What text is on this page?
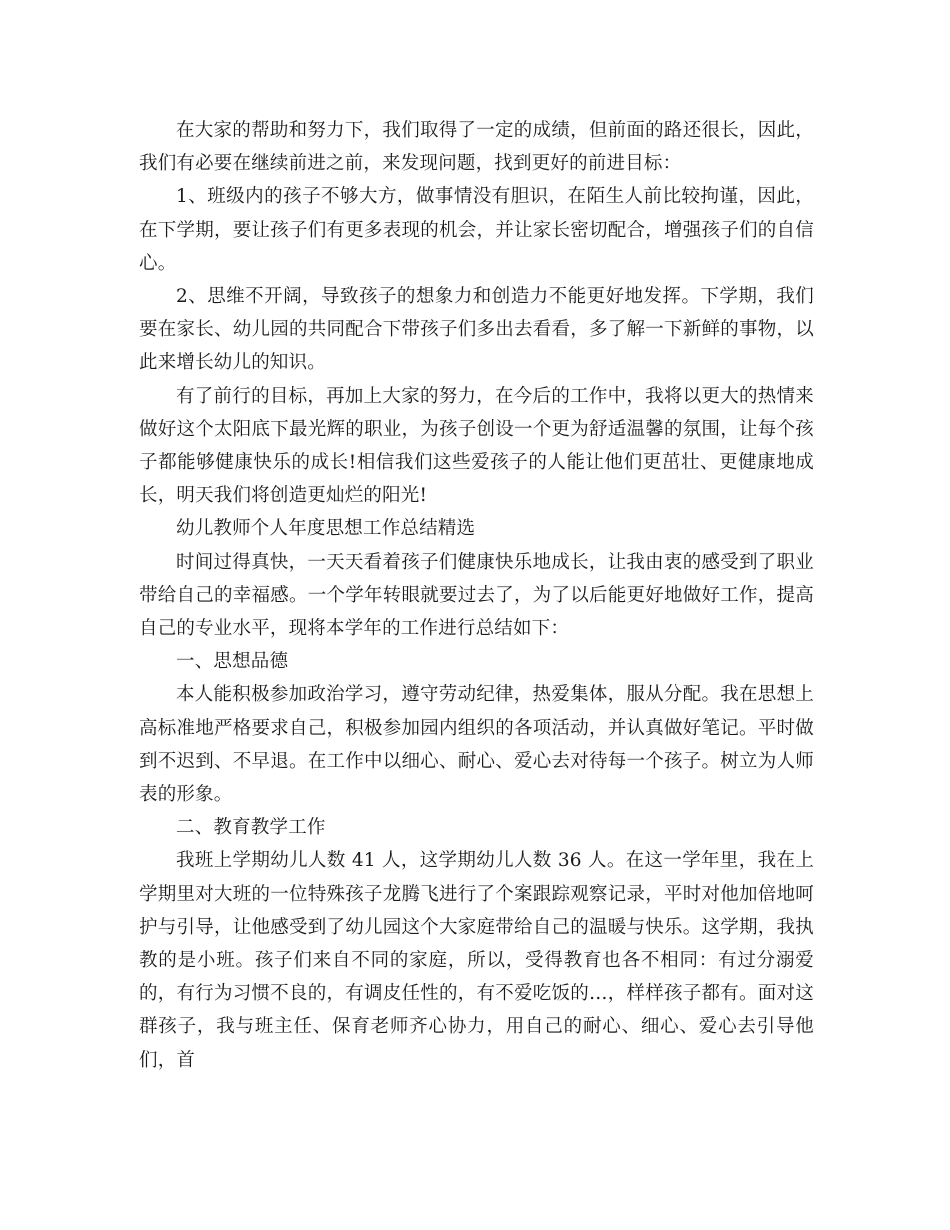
在大家的帮助和努力下，我们取得了一定的成绩，但前面的路还很长，因此，我们有必要在继续前进之前，来发现问题，找到更好的前进目标：

1、班级内的孩子不够大方，做事情没有胆识，在陌生人前比较拘谨，因此，在下学期，要让孩子们有更多表现的机会，并让家长密切配合，增强孩子们的自信心。

2、思维不开阔，导致孩子的想象力和创造力不能更好地发挥。下学期，我们要在家长、幼儿园的共同配合下带孩子们多出去看看，多了解一下新鲜的事物，以此来增长幼儿的知识。

有了前行的目标，再加上大家的努力，在今后的工作中，我将以更大的热情来做好这个太阳底下最光辉的职业，为孩子创设一个更为舒适温馨的氛围，让每个孩子都能够健康快乐的成长!相信我们这些爱孩子的人能让他们更茁壮、更健康地成长，明天我们将创造更灿烂的阳光!

幼儿教师个人年度思想工作总结精选

时间过得真快，一天天看着孩子们健康快乐地成长，让我由衷的感受到了职业带给自己的幸福感。一个学年转眼就要过去了，为了以后能更好地做好工作，提高自己的专业水平，现将本学年的工作进行总结如下：

一、思想品德

本人能积极参加政治学习，遵守劳动纪律，热爱集体，服从分配。我在思想上高标准地严格要求自己，积极参加园内组织的各项活动，并认真做好笔记。平时做到不迟到、不早退。在工作中以细心、耐心、爱心去对待每一个孩子。树立为人师表的形象。

二、教育教学工作

我班上学期幼儿人数 41 人，这学期幼儿人数 36 人。在这一学年里，我在上学期里对大班的一位特殊孩子龙腾飞进行了个案跟踪观察记录，平时对他加倍地呵护与引导，让他感受到了幼儿园这个大家庭带给自己的温暖与快乐。这学期，我执教的是小班。孩子们来自不同的家庭，所以，受得教育也各不相同：有过分溺爱的，有行为习惯不良的，有调皮任性的，有不爱吃饭的…，样样孩子都有。面对这群孩子，我与班主任、保育老师齐心协力，用自己的耐心、细心、爱心去引导他们，首
